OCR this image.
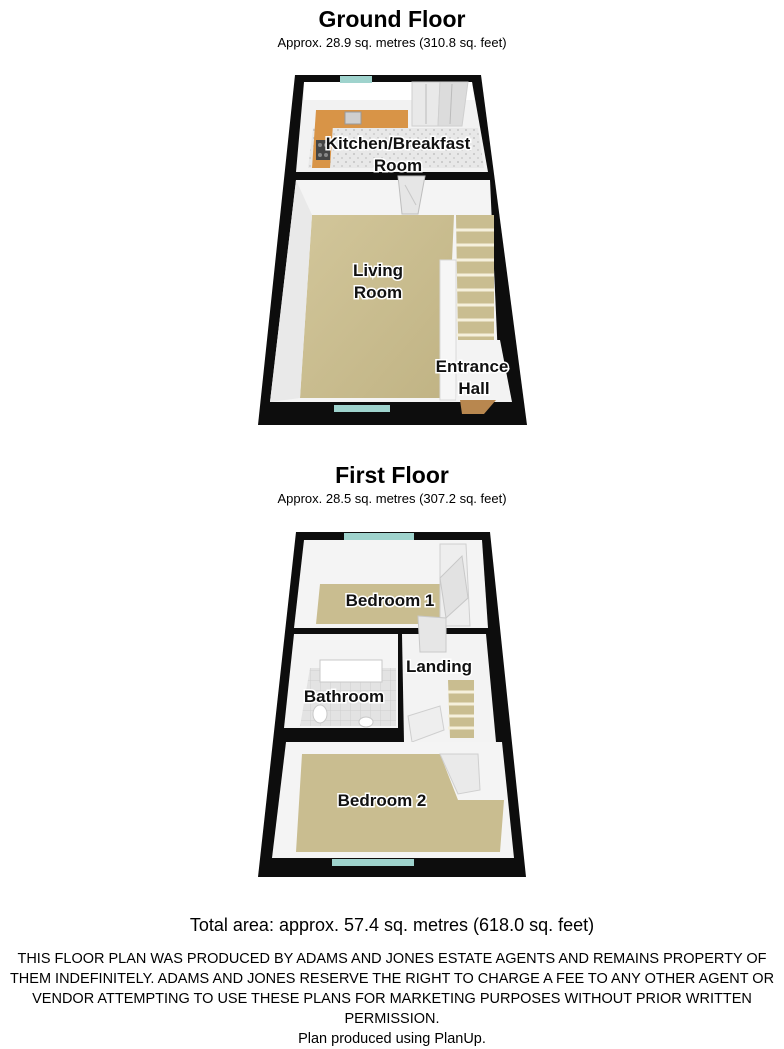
Ground Floor
Approx. 28.9 sq. metres (310.8 sq. feet)
First Floor
Approx. 28.5 sq. metres (307.2 sq. feet)
Kitchen/Breakfast
Room
Living
Room
Entrance
Hall
Bedroom 1
Landing
Bathroom
Bedroom 2
Total area: approx. 57.4 sq. metres (618.0 sq. feet)
THIS FLOOR PLAN WAS PRODUCED BY ADAMS AND JONES ESTATE AGENTS AND REMAINS PROPERTY OF THEM INDEFINITELY. ADAMS AND JONES RESERVE THE RIGHT TO CHARGE A FEE TO ANY OTHER AGENT OR VENDOR ATTEMPTING TO USE THESE PLANS FOR MARKETING PURPOSES WITHOUT PRIOR WRITTEN PERMISSION.
Plan produced using PlanUp.
